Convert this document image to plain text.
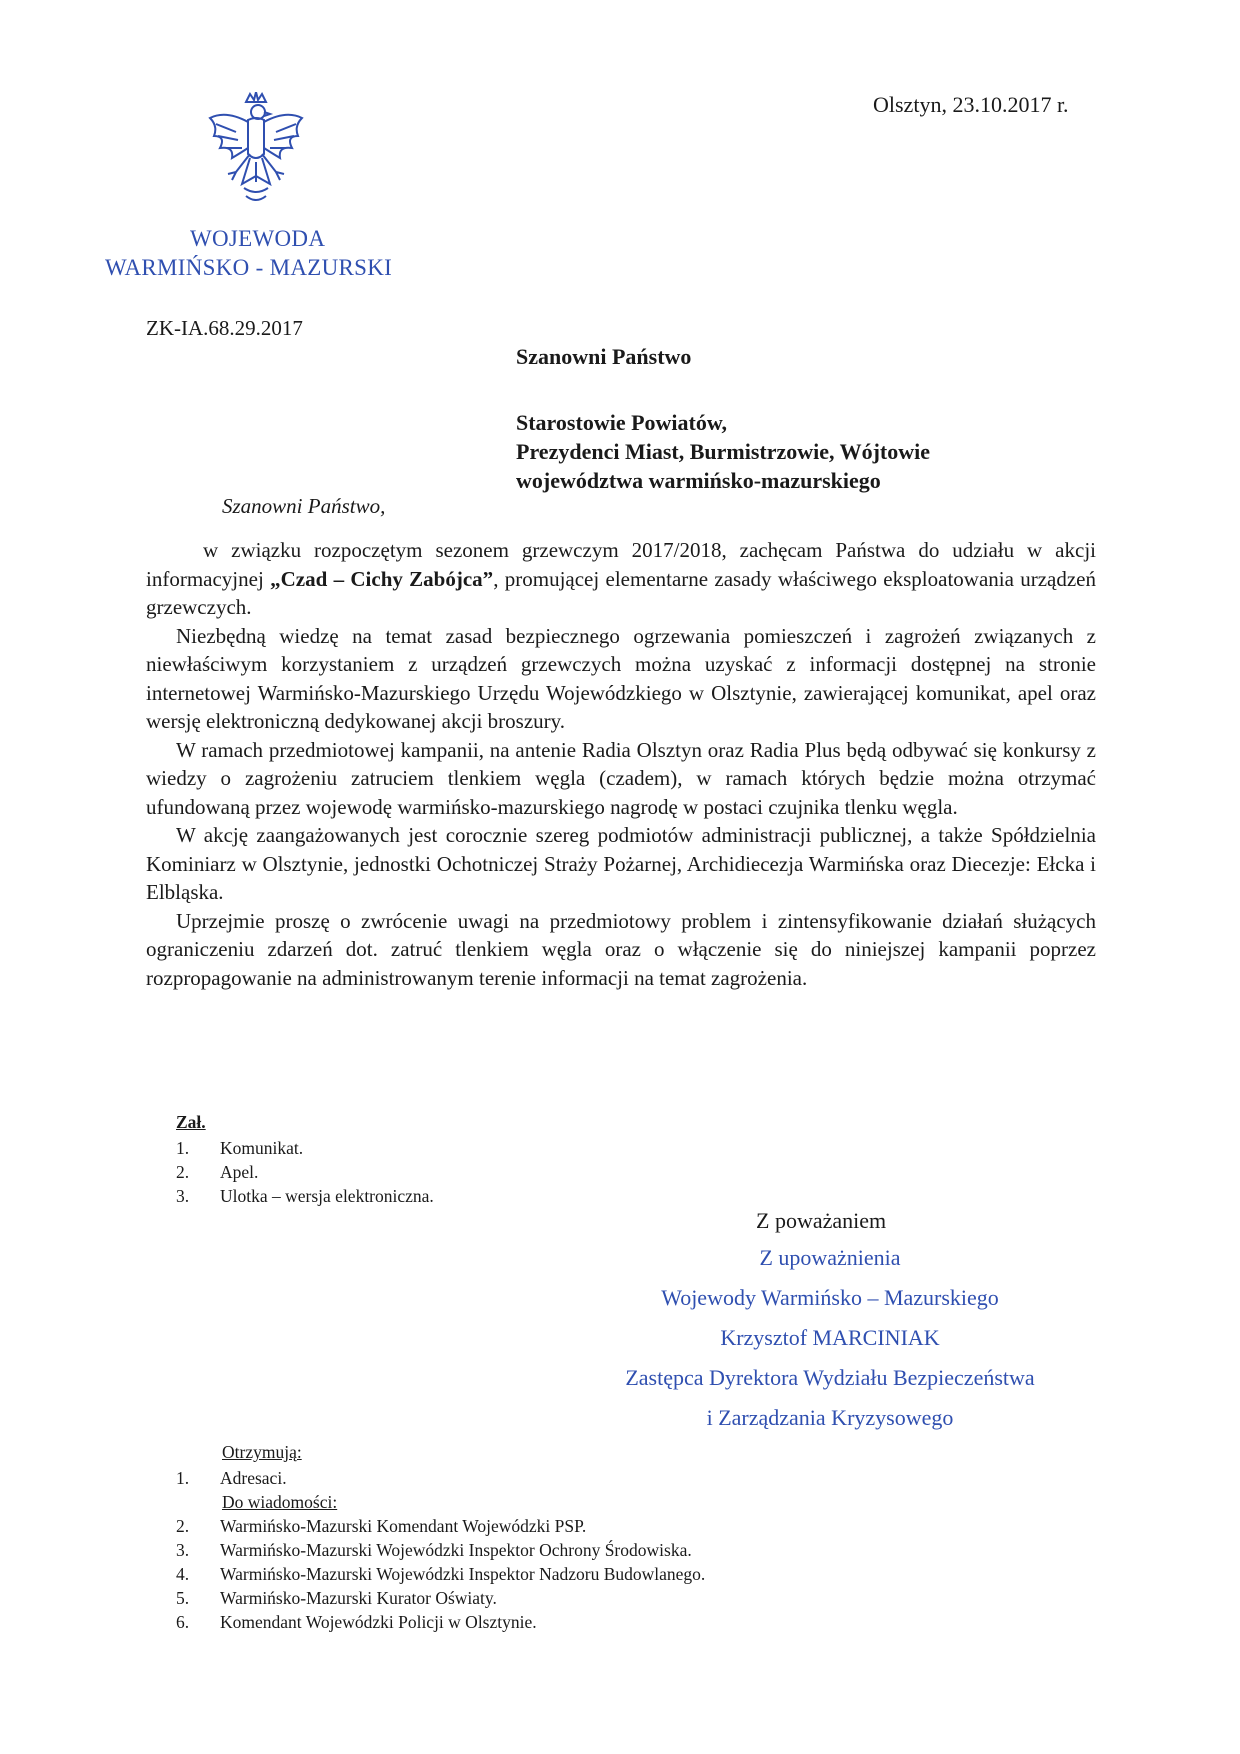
WOJEWODA
WARMIŃSKO - MAZURSKI
Olsztyn, 23.10.2017 r.
ZK-IA.68.29.2017
Szanowni Państwo
Starostowie Powiatów,
Prezydenci Miast, Burmistrzowie, Wójtowie
województwa warmińsko-mazurskiego
Szanowni Państwo,

w związku rozpoczętym sezonem grzewczym 2017/2018, zachęcam Państwa do udziału w akcji informacyjnej „Czad – Cichy Zabójca”, promującej elementarne zasady właściwego eksploatowania urządzeń grzewczych.

Niezbędną wiedzę na temat zasad bezpiecznego ogrzewania pomieszczeń i zagrożeń związanych z niewłaściwym korzystaniem z urządzeń grzewczych można uzyskać z informacji dostępnej na stronie internetowej Warmińsko-Mazurskiego Urzędu Wojewódzkiego w Olsztynie, zawierającej komunikat, apel oraz wersję elektroniczną dedykowanej akcji broszury.

W ramach przedmiotowej kampanii, na antenie Radia Olsztyn oraz Radia Plus będą odbywać się konkursy z wiedzy o zagrożeniu zatruciem tlenkiem węgla (czadem), w ramach których będzie można otrzymać ufundowaną przez wojewodę warmińsko-mazurskiego nagrodę w postaci czujnika tlenku węgla.

W akcję zaangażowanych jest corocznie szereg podmiotów administracji publicznej, a także Spółdzielnia Kominiarz w Olsztynie, jednostki Ochotniczej Straży Pożarnej, Archidiecezja Warmińska oraz Diecezje: Ełcka i Elbląska.

Uprzejmie proszę o zwrócenie uwagi na przedmiotowy problem i zintensyfikowanie działań służących ograniczeniu zdarzeń dot. zatruć tlenkiem węgla oraz o włączenie się do niniejszej kampanii poprzez rozpropagowanie na administrowanym terenie informacji na temat zagrożenia.

Zał.
1. Komunikat.
2. Apel.
3. Ulotka – wersja elektroniczna.
Z poważaniem
Z upoważnienia
Wojewody Warmińsko – Mazurskiego
Krzysztof MARCINIAK
Zastępca Dyrektora Wydziału Bezpieczeństwa
i Zarządzania Kryzysowego
Otrzymują:
1. Adresaci.
Do wiadomości:
2. Warmińsko-Mazurski Komendant Wojewódzki PSP.
3. Warmińsko-Mazurski Wojewódzki Inspektor Ochrony Środowiska.
4. Warmińsko-Mazurski Wojewódzki Inspektor Nadzoru Budowlanego.
5. Warmińsko-Mazurski Kurator Oświaty.
6. Komendant Wojewódzki Policji w Olsztynie.
